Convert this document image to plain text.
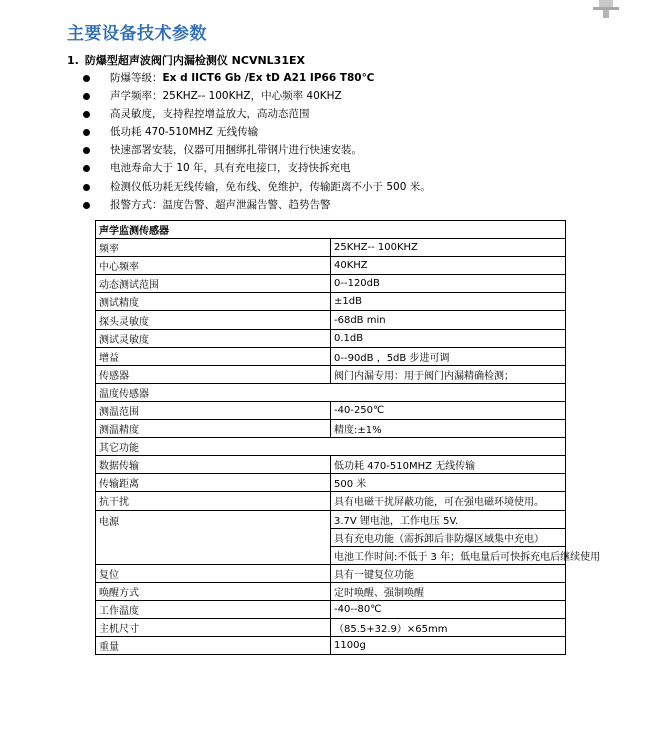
主要设备技术参数

1. 防爆型超声波阀门内漏检测仪 NCVNL31EX

防爆等级：Ex d IICT6 Gb /Ex tD A21 IP66 T80℃
声学频率：25KHZ-- 100KHZ，中心频率 40KHZ
高灵敏度，支持程控增益放大，高动态范围
低功耗 470-510MHZ 无线传输
快速部署安装，仪器可用捆绑扎带钢片进行快速安装。
电池寿命大于 10 年，具有充电接口，支持快拆充电
检测仪低功耗无线传输，免布线、免维护，传输距离不小于 500 米。
报警方式：温度告警、超声泄漏告警、趋势告警
声学监测传感器	
频率	25KHZ-- 100KHZ
中心频率	40KHZ
动态测试范围	0--120dB
测试精度	±1dB
探头灵敏度	-68dB min
测试灵敏度	0.1dB
增益	0--90dB ，5dB 步进可调
传感器	阀门内漏专用：用于阀门内漏精确检测；
温度传感器	
测温范围	-40-250℃
测温精度	精度:±1%
其它功能	
数据传输	低功耗 470-510MHZ 无线传输
传输距离	500 米
抗干扰	具有电磁干扰屏蔽功能，可在强电磁环境使用。
电源	3.7V 锂电池，工作电压 5V.
	具有充电功能（需拆卸后非防爆区域集中充电）
	电池工作时间:不低于 3 年；低电量后可快拆充电后继续使用
复位	具有一键复位功能
唤醒方式	定时唤醒、强制唤醒
工作温度	-40--80℃
主机尺寸	（85.5+32.9）×65mm
重量	1100g
